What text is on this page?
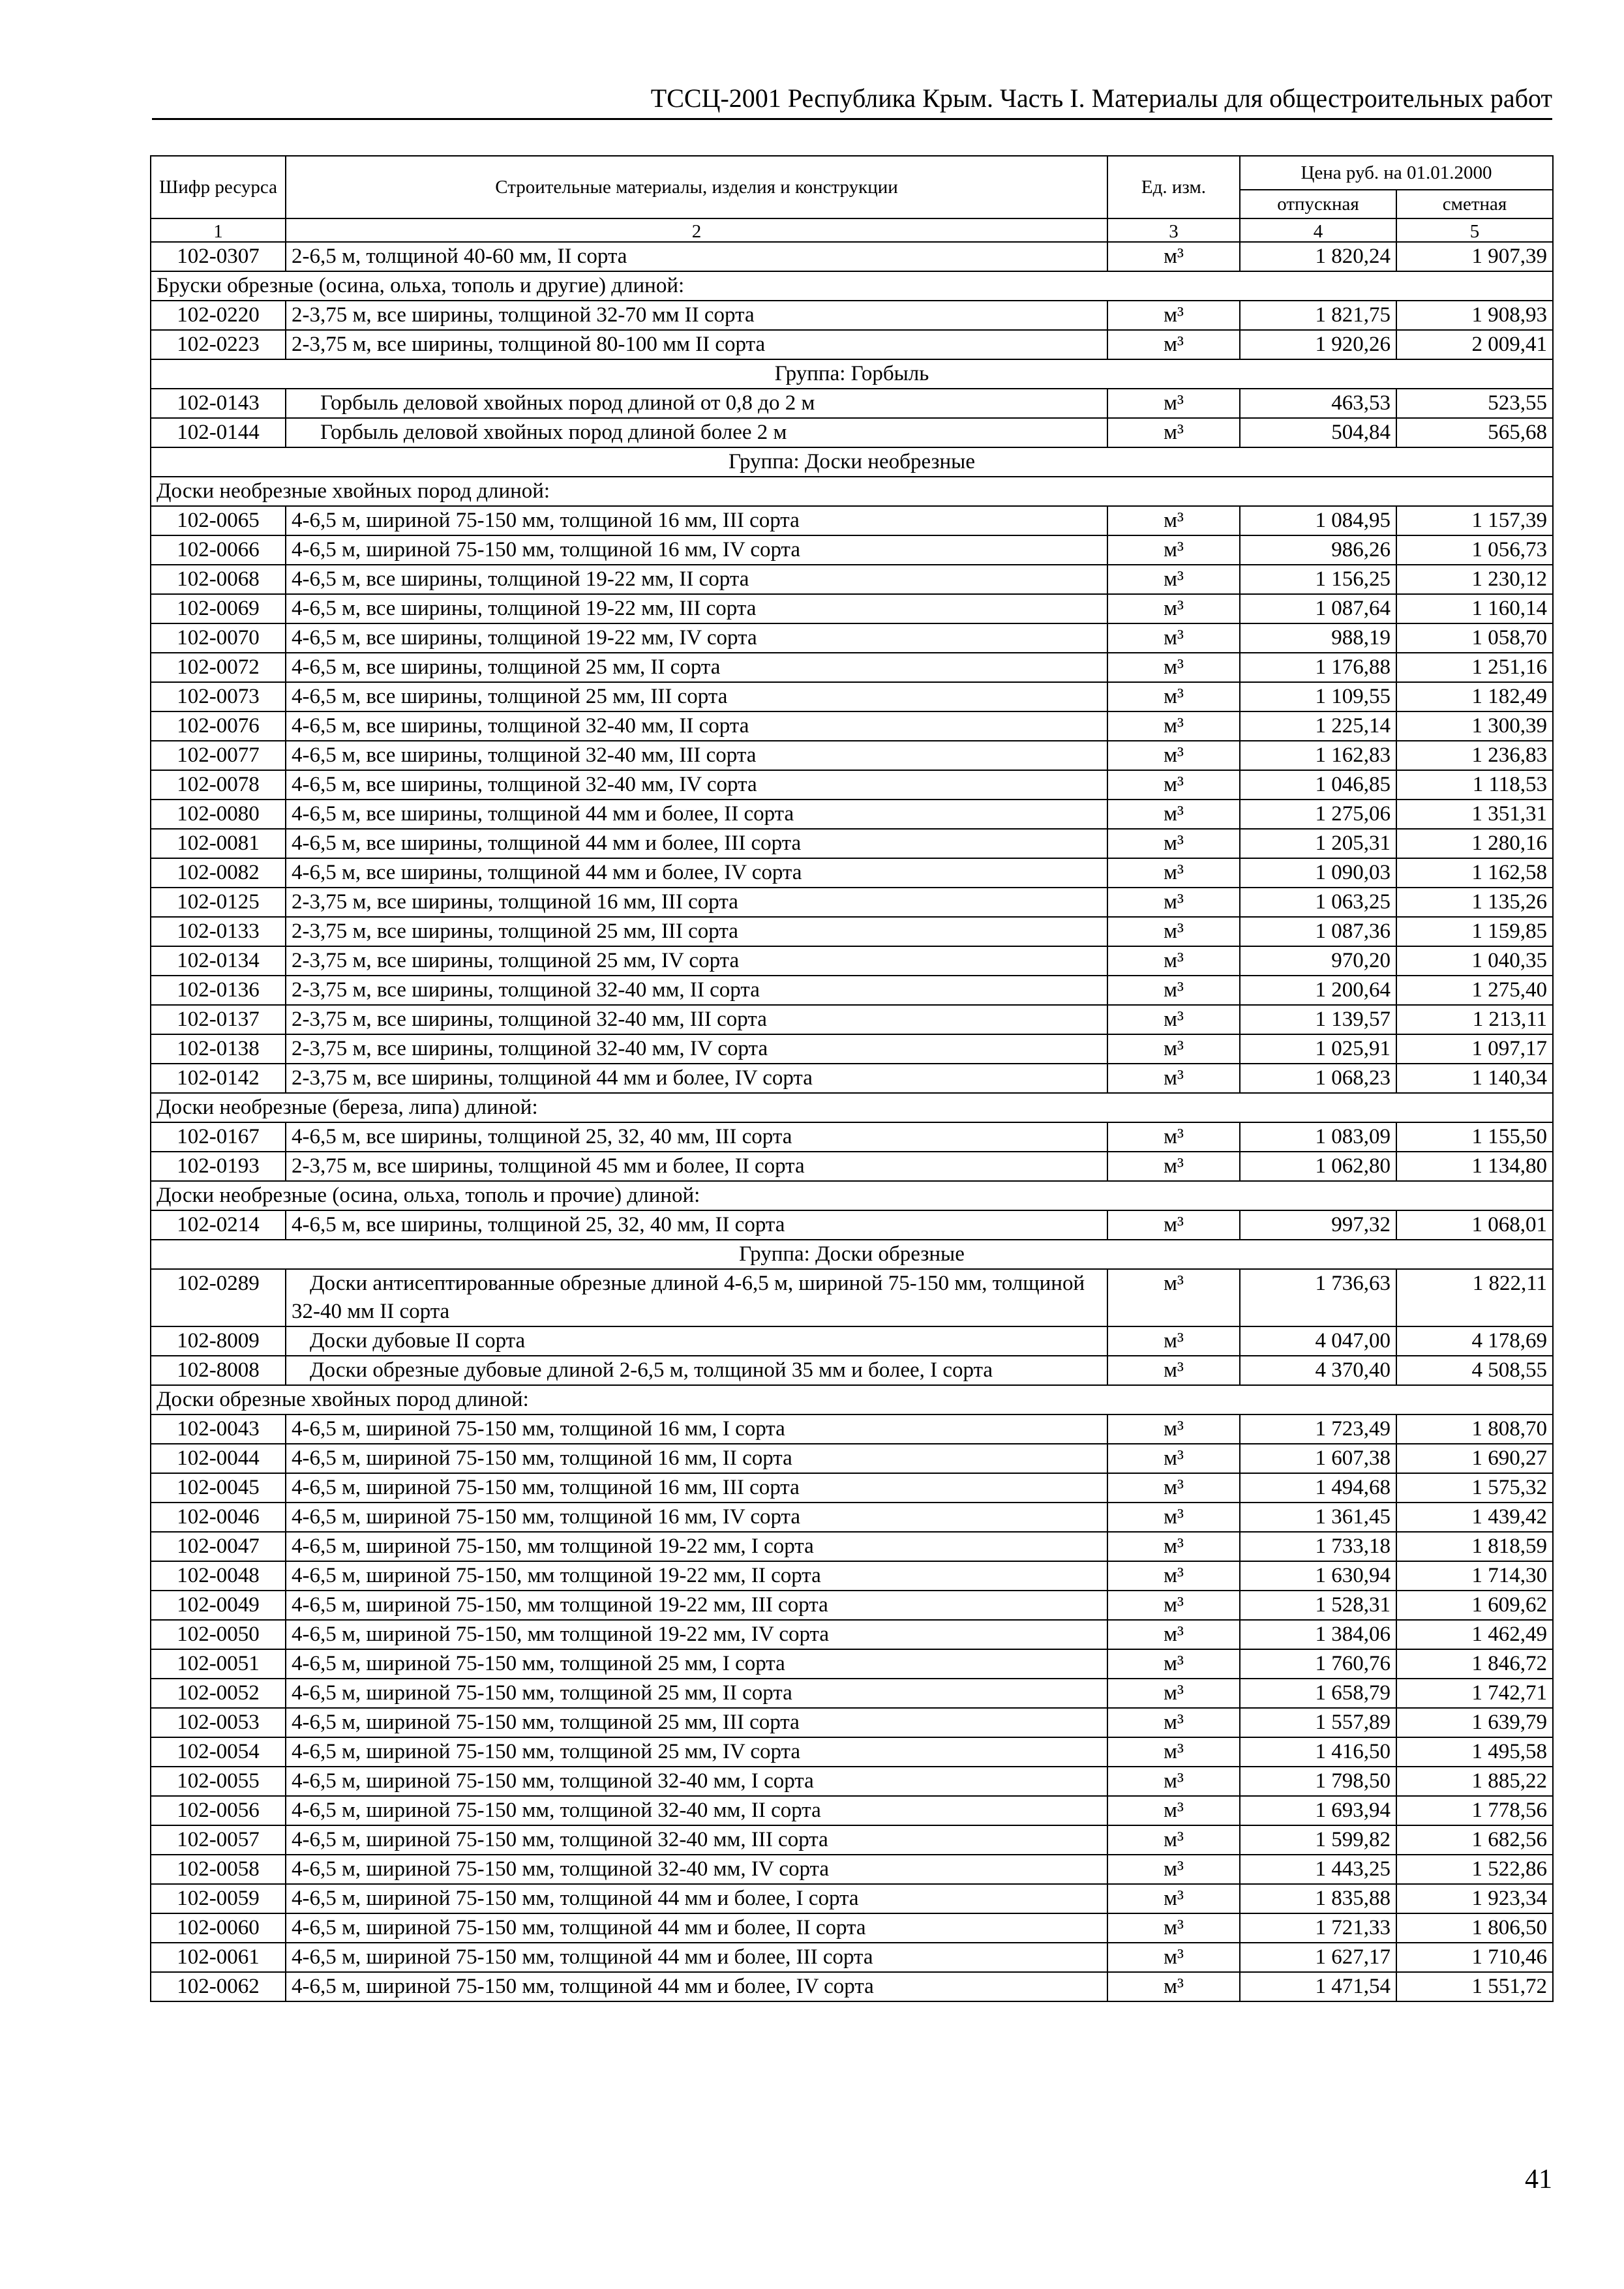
ТССЦ-2001 Республика Крым. Часть I. Материалы для общестроительных работ
Шифр ресурса	Строительные материалы, изделия и конструкции	Ед. изм.	Цена руб. на 01.01.2000	
			отпускная	сметная
1	2	3	4	5
102-0307	2-6,5 м, толщиной 40-60 мм, II сорта	м³	1 820,24	1 907,39
Бруски обрезные (осина, ольха, тополь и другие) длиной:				
102-0220	2-3,75 м, все ширины, толщиной 32-70 мм II сорта	м³	1 821,75	1 908,93
102-0223	2-3,75 м, все ширины, толщиной 80-100 мм II сорта	м³	1 920,26	2 009,41
Группа: Горбыль				
102-0143	Горбыль деловой хвойных пород длиной от 0,8 до 2 м	м³	463,53	523,55
102-0144	Горбыль деловой хвойных пород длиной более 2 м	м³	504,84	565,68
Группа: Доски необрезные				
Доски необрезные хвойных пород длиной:				
102-0065	4-6,5 м, шириной 75-150 мм, толщиной 16 мм, III сорта	м³	1 084,95	1 157,39
102-0066	4-6,5 м, шириной 75-150 мм, толщиной 16 мм, IV сорта	м³	986,26	1 056,73
102-0068	4-6,5 м, все ширины, толщиной 19-22 мм, II сорта	м³	1 156,25	1 230,12
102-0069	4-6,5 м, все ширины, толщиной 19-22 мм, III сорта	м³	1 087,64	1 160,14
102-0070	4-6,5 м, все ширины, толщиной 19-22 мм, IV сорта	м³	988,19	1 058,70
102-0072	4-6,5 м, все ширины, толщиной 25 мм, II сорта	м³	1 176,88	1 251,16
102-0073	4-6,5 м, все ширины, толщиной 25 мм, III сорта	м³	1 109,55	1 182,49
102-0076	4-6,5 м, все ширины, толщиной 32-40 мм, II сорта	м³	1 225,14	1 300,39
102-0077	4-6,5 м, все ширины, толщиной 32-40 мм, III сорта	м³	1 162,83	1 236,83
102-0078	4-6,5 м, все ширины, толщиной 32-40 мм, IV сорта	м³	1 046,85	1 118,53
102-0080	4-6,5 м, все ширины, толщиной 44 мм и более, II сорта	м³	1 275,06	1 351,31
102-0081	4-6,5 м, все ширины, толщиной 44 мм и более, III сорта	м³	1 205,31	1 280,16
102-0082	4-6,5 м, все ширины, толщиной 44 мм и более, IV сорта	м³	1 090,03	1 162,58
102-0125	2-3,75 м, все ширины, толщиной 16 мм, III сорта	м³	1 063,25	1 135,26
102-0133	2-3,75 м, все ширины, толщиной 25 мм, III сорта	м³	1 087,36	1 159,85
102-0134	2-3,75 м, все ширины, толщиной 25 мм, IV сорта	м³	970,20	1 040,35
102-0136	2-3,75 м, все ширины, толщиной 32-40 мм, II сорта	м³	1 200,64	1 275,40
102-0137	2-3,75 м, все ширины, толщиной 32-40 мм, III сорта	м³	1 139,57	1 213,11
102-0138	2-3,75 м, все ширины, толщиной 32-40 мм, IV сорта	м³	1 025,91	1 097,17
102-0142	2-3,75 м, все ширины, толщиной 44 мм и более, IV сорта	м³	1 068,23	1 140,34
Доски необрезные (береза, липа) длиной:				
102-0167	4-6,5 м, все ширины, толщиной 25, 32, 40 мм, III сорта	м³	1 083,09	1 155,50
102-0193	2-3,75 м, все ширины, толщиной 45 мм и более, II сорта	м³	1 062,80	1 134,80
Доски необрезные (осина, ольха, тополь и прочие) длиной:				
102-0214	4-6,5 м, все ширины, толщиной 25, 32, 40 мм, II сорта	м³	997,32	1 068,01
Группа: Доски обрезные				
102-0289	Доски антисептированные обрезные длиной 4-6,5 м, шириной 75-150 мм, толщиной 32-40 мм II сорта	м³	1 736,63	1 822,11
102-8009	Доски дубовые II сорта	м³	4 047,00	4 178,69
102-8008	Доски обрезные дубовые длиной 2-6,5 м, толщиной 35 мм и более, I сорта	м³	4 370,40	4 508,55
Доски обрезные хвойных пород длиной:				
102-0043	4-6,5 м, шириной 75-150 мм, толщиной 16 мм, I сорта	м³	1 723,49	1 808,70
102-0044	4-6,5 м, шириной 75-150 мм, толщиной 16 мм, II сорта	м³	1 607,38	1 690,27
102-0045	4-6,5 м, шириной 75-150 мм, толщиной 16 мм, III сорта	м³	1 494,68	1 575,32
102-0046	4-6,5 м, шириной 75-150 мм, толщиной 16 мм, IV сорта	м³	1 361,45	1 439,42
102-0047	4-6,5 м, шириной 75-150, мм толщиной 19-22 мм, I сорта	м³	1 733,18	1 818,59
102-0048	4-6,5 м, шириной 75-150, мм толщиной 19-22 мм, II сорта	м³	1 630,94	1 714,30
102-0049	4-6,5 м, шириной 75-150, мм толщиной 19-22 мм, III сорта	м³	1 528,31	1 609,62
102-0050	4-6,5 м, шириной 75-150, мм толщиной 19-22 мм, IV сорта	м³	1 384,06	1 462,49
102-0051	4-6,5 м, шириной 75-150 мм, толщиной 25 мм, I сорта	м³	1 760,76	1 846,72
102-0052	4-6,5 м, шириной 75-150 мм, толщиной 25 мм, II сорта	м³	1 658,79	1 742,71
102-0053	4-6,5 м, шириной 75-150 мм, толщиной 25 мм, III сорта	м³	1 557,89	1 639,79
102-0054	4-6,5 м, шириной 75-150 мм, толщиной 25 мм, IV сорта	м³	1 416,50	1 495,58
102-0055	4-6,5 м, шириной 75-150 мм, толщиной 32-40 мм, I сорта	м³	1 798,50	1 885,22
102-0056	4-6,5 м, шириной 75-150 мм, толщиной 32-40 мм, II сорта	м³	1 693,94	1 778,56
102-0057	4-6,5 м, шириной 75-150 мм, толщиной 32-40 мм, III сорта	м³	1 599,82	1 682,56
102-0058	4-6,5 м, шириной 75-150 мм, толщиной 32-40 мм, IV сорта	м³	1 443,25	1 522,86
102-0059	4-6,5 м, шириной 75-150 мм, толщиной 44 мм и более, I сорта	м³	1 835,88	1 923,34
102-0060	4-6,5 м, шириной 75-150 мм, толщиной 44 мм и более, II сорта	м³	1 721,33	1 806,50
102-0061	4-6,5 м, шириной 75-150 мм, толщиной 44 мм и более, III сорта	м³	1 627,17	1 710,46
102-0062	4-6,5 м, шириной 75-150 мм, толщиной 44 мм и более, IV сорта	м³	1 471,54	1 551,72
41
